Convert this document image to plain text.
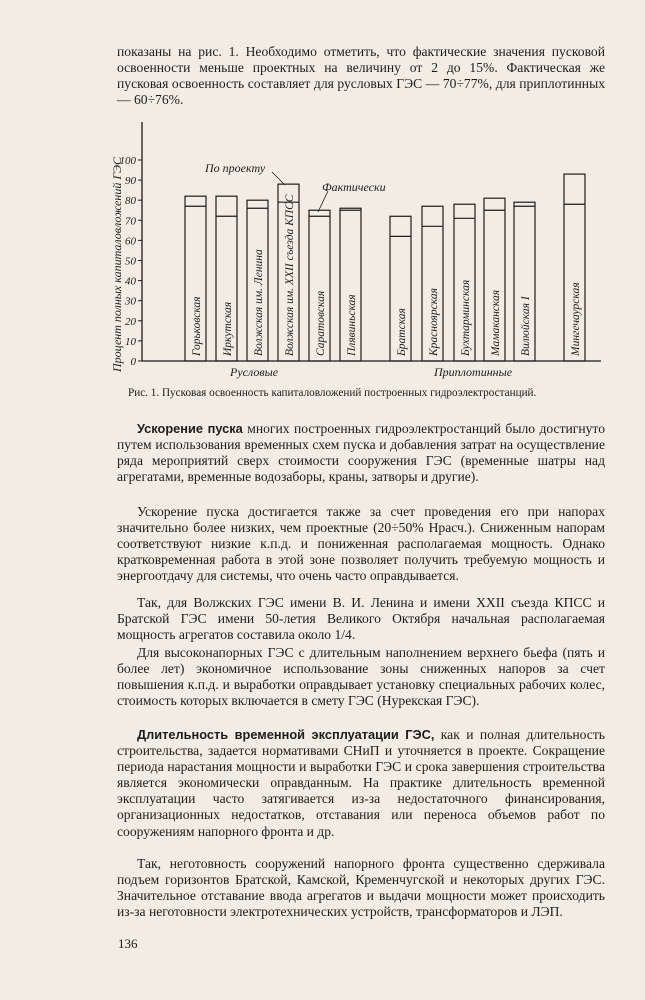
показаны на рис. 1. Необходимо отметить, что фактические значения пусковой освоенности меньше проектных на величину от 2 до 15%. Фактическая же пусковая освоенность составляет для русловых ГЭС — 70÷77%, для приплотинных — 60÷76%.

Процент полных капиталовложений ГЭС 0
10
20
30
40
50
60
70
80
90
100
Горьковская Иркутская Волжская им. Ленина Волжская им. XXII съезда КПСС Саратовская Плявиньская	Братская Красноярская Бухтарминская Мамаканская Вилюйская I	Мингечаурская
По проекту
Фактически
Русловые	Приплотинные

Рис. 1. Пусковая освоенность капиталовложений построенных гидроэлектростанций.

Ускорение пуска многих построенных гидроэлектростанций было достигнуто путем использования временных схем пуска и добавления затрат на осуществление ряда мероприятий сверх стоимости сооружения ГЭС (временные шатры над агрегатами, временные водозаборы, краны, затворы и другие).

Ускорение пуска достигается также за счет проведения его при напорах значительно более низких, чем проектные (20÷50% Hрасч.). Сниженным напорам соответствуют низкие к.п.д. и пониженная располагаемая мощность. Однако кратковременная работа в этой зоне позволяет получить требуемую мощность и энергоотдачу для системы, что очень часто оправдывается.

Так, для Волжских ГЭС имени В. И. Ленина и имени XXII съезда КПСС и Братской ГЭС имени 50-летия Великого Октября начальная располагаемая мощность агрегатов составила около 1/4.

Для высоконапорных ГЭС с длительным наполнением верхнего бьефа (пять и более лет) экономичное использование зоны сниженных напоров за счет повышения к.п.д. и выработки оправдывает установку специальных рабочих колес, стоимость которых включается в смету ГЭС (Нурекская ГЭС).

Длительность временной эксплуатации ГЭС, как и полная длительность строительства, задается нормативами СНиП и уточняется в проекте. Сокращение периода нарастания мощности и выработки ГЭС и срока завершения строительства является экономически оправданным. На практике длительность временной эксплуатации часто затягивается из-за недостаточного финансирования, организационных недостатков, отставания или переноса объемов работ по сооружениям напорного фронта и др.

Так, неготовность сооружений напорного фронта существенно сдерживала подъем горизонтов Братской, Камской, Кременчугской и некоторых других ГЭС. Значительное отставание ввода агрегатов и выдачи мощности может происходить из-за неготовности электротехнических устройств, трансформаторов и ЛЭП.

136
